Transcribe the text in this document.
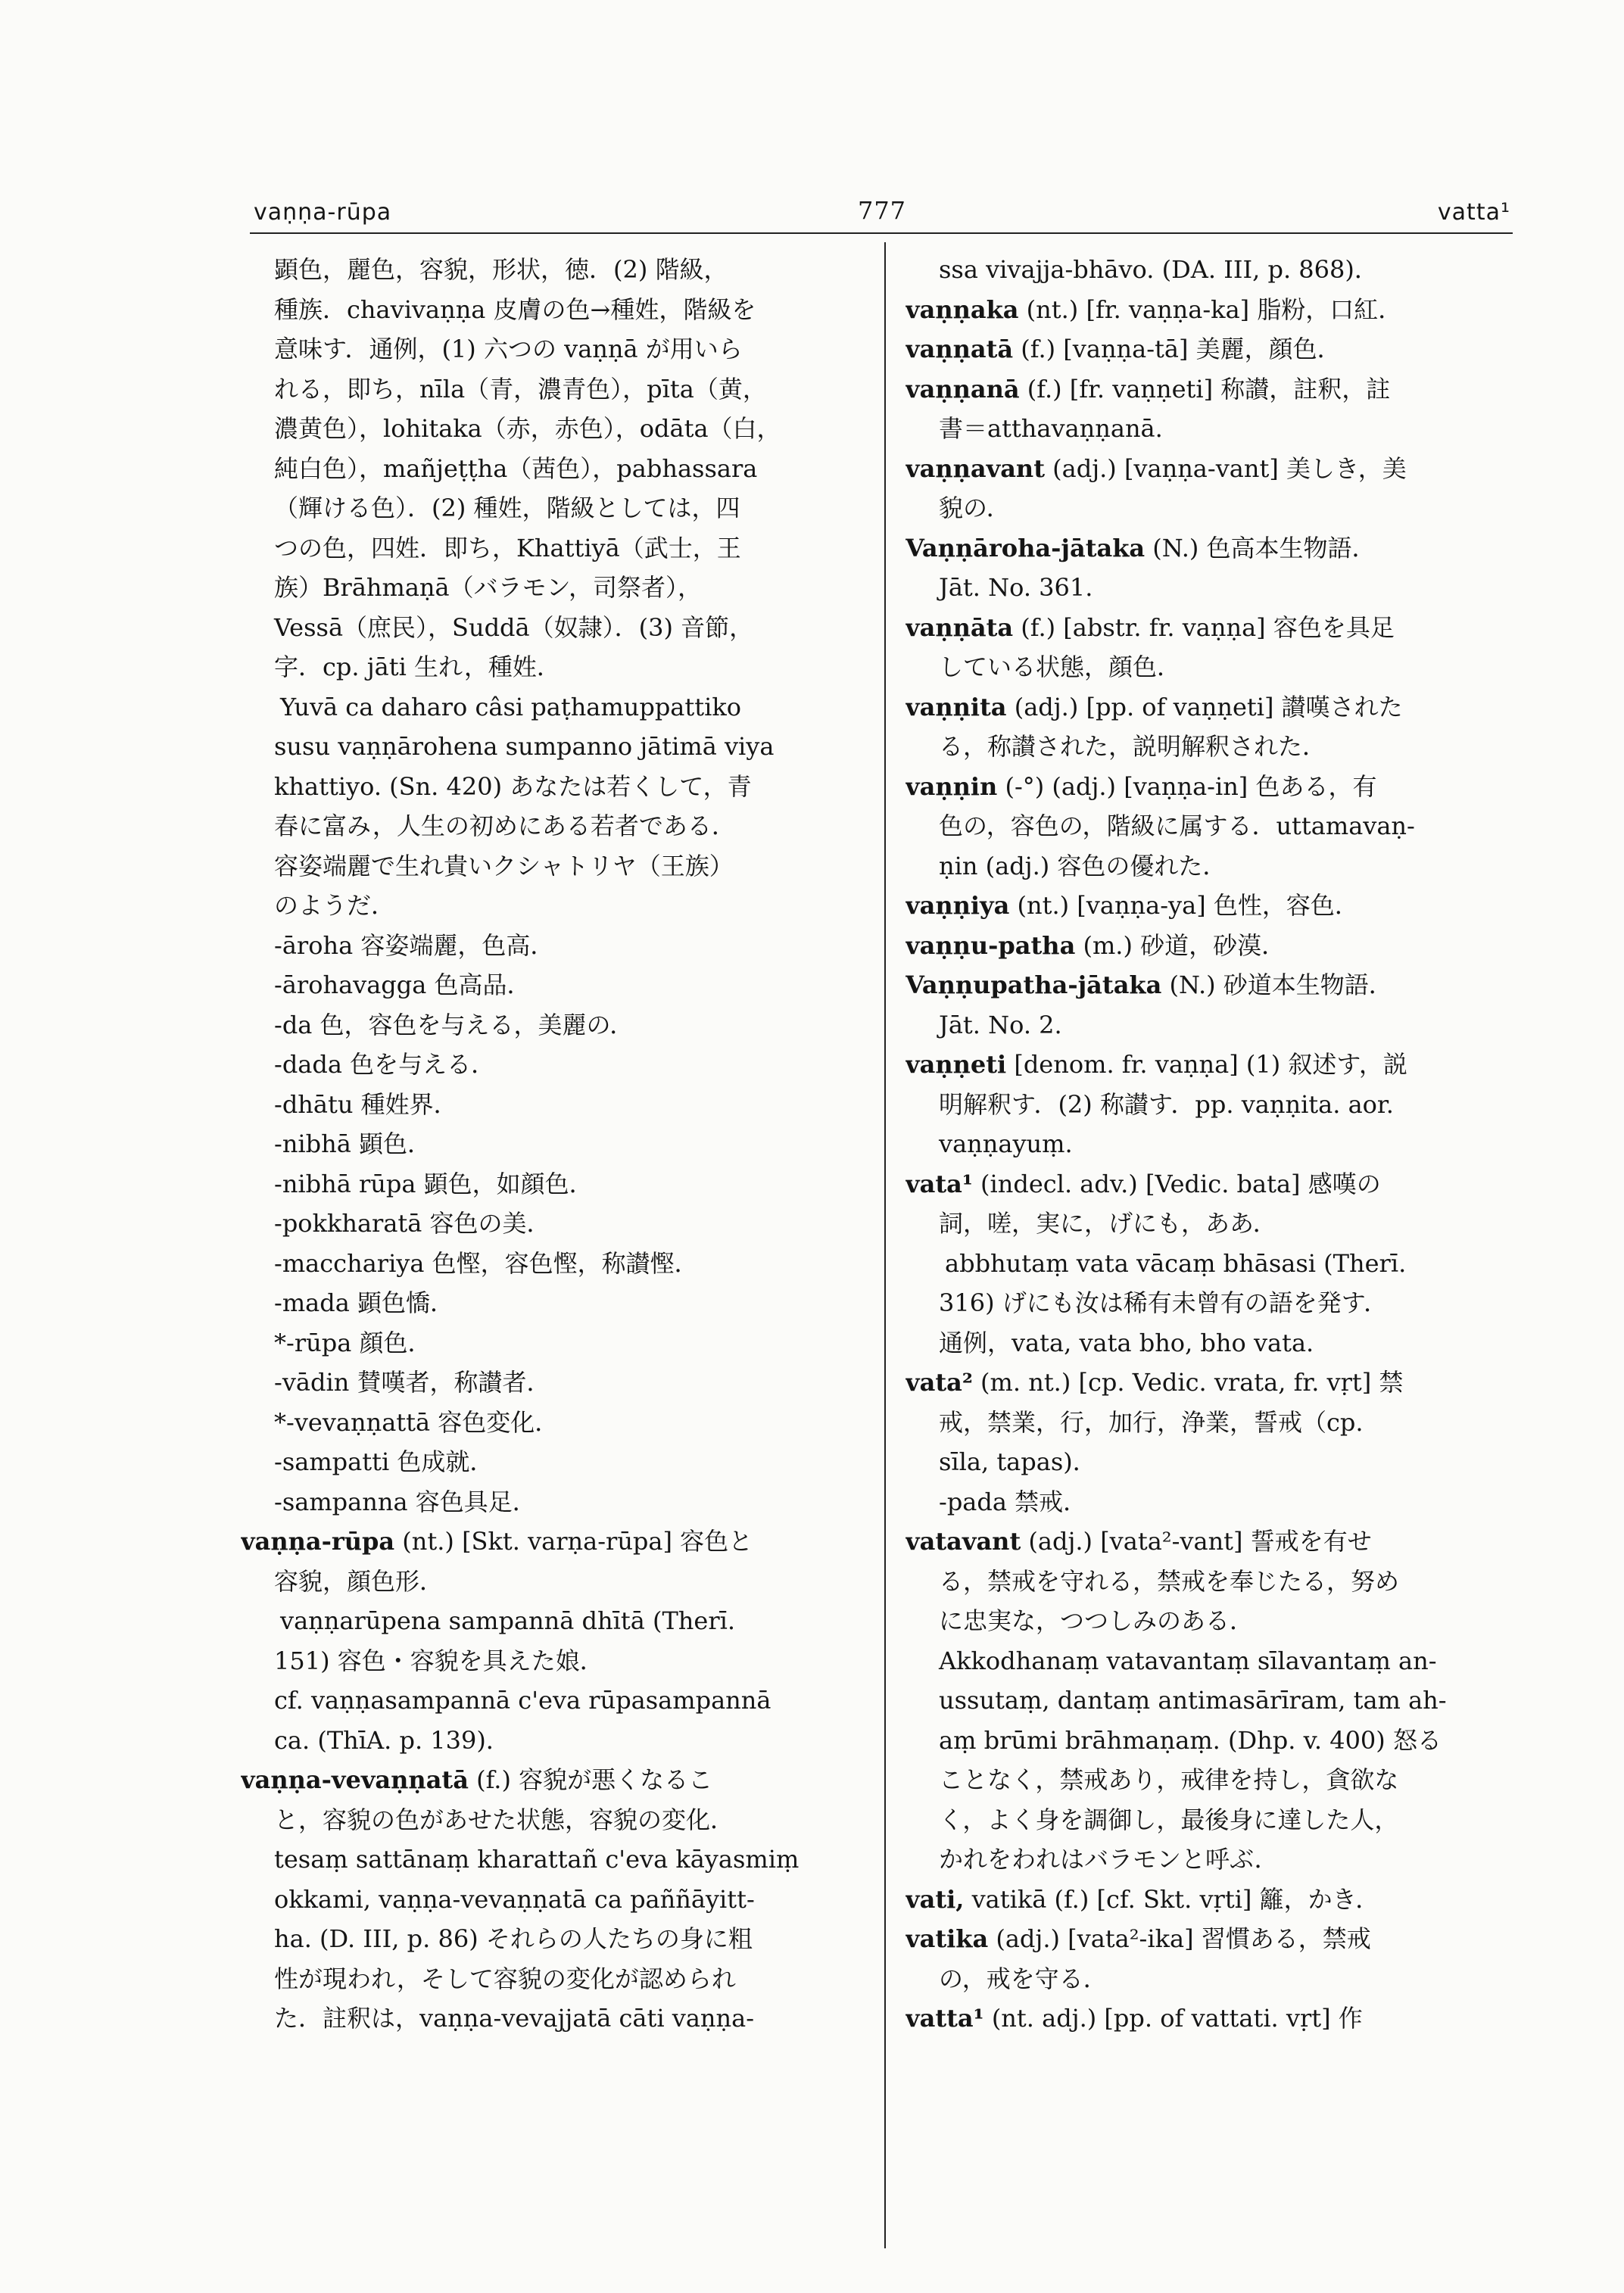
vaṇṇa-rūpa	777	vatta¹
顕色，麗色，容貌，形状，徳．(2) 階級，
種族．chavivaṇṇa 皮膚の色→種姓，階級を
意味す．通例，(1) 六つの vaṇṇā が用いら
れる，即ち，nīla（青，濃青色），pīta（黄，
濃黄色），lohitaka（赤，赤色），odāta（白，
純白色），mañjeṭṭha（茜色），pabhassara
（輝ける色）．(2) 種姓，階級としては，四
つの色，四姓．即ち，Khattiyā（武士，王
族）Brāhmaṇā（バラモン，司祭者），
Vessā（庶民），Suddā（奴隷）．(3) 音節，
字．cp. jāti 生れ，種姓．
Yuvā ca daharo câsi paṭhamuppattiko
susu vaṇṇārohena sumpanno jātimā viya
khattiyo. (Sn. 420) あなたは若くして，青
春に富み，人生の初めにある若者である．
容姿端麗で生れ貴いクシャトリヤ（王族）
のようだ．
-āroha 容姿端麗，色高．
-ārohavagga 色高品．
-da 色，容色を与える，美麗の．
-dada 色を与える．
-dhātu 種姓界．
-nibhā 顕色．
-nibhā rūpa 顕色，如顔色．
-pokkharatā 容色の美．
-macchariya 色慳，容色慳，称讃慳．
-mada 顕色憍．
*-rūpa 顔色．
-vādin 賛嘆者，称讃者．
*-vevaṇṇattā 容色変化．
-sampatti 色成就．
-sampanna 容色具足．
vaṇṇa-rūpa (nt.) [Skt. varṇa-rūpa] 容色と
容貌，顔色形．
vaṇṇarūpena sampannā dhītā (Therī.
151) 容色・容貌を具えた娘．
cf. vaṇṇasampannā c'eva rūpasampannā
ca. (ThīA. p. 139)．
vaṇṇa-vevaṇṇatā (f.) 容貌が悪くなるこ
と，容貌の色があせた状態，容貌の変化．
tesaṃ sattānaṃ kharattañ c'eva kāyasmiṃ
okkami, vaṇṇa-vevaṇṇatā ca paññāyitt-
ha. (D. III, p. 86) それらの人たちの身に粗
性が現われ，そして容貌の変化が認められ
た．註釈は，vaṇṇa-vevajjatā cāti vaṇṇa-
ssa vivajja-bhāvo. (DA. III, p. 868)．
vaṇṇaka (nt.) [fr. vaṇṇa-ka] 脂粉，口紅．
vaṇṇatā (f.) [vaṇṇa-tā] 美麗，顔色．
vaṇṇanā (f.) [fr. vaṇṇeti] 称讃，註釈，註
書＝atthavaṇṇanā.
vaṇṇavant (adj.) [vaṇṇa-vant] 美しき，美
貌の．
Vaṇṇāroha-jātaka (N.) 色高本生物語．
Jāt. No. 361.
vaṇṇāta (f.) [abstr. fr. vaṇṇa] 容色を具足
している状態，顔色．
vaṇṇita (adj.) [pp. of vaṇṇeti] 讃嘆された
る，称讃された，説明解釈された．
vaṇṇin (-°) (adj.) [vaṇṇa-in] 色ある，有
色の，容色の，階級に属する．uttamavaṇ-
ṇin (adj.) 容色の優れた．
vaṇṇiya (nt.) [vaṇṇa-ya] 色性，容色．
vaṇṇu-patha (m.) 砂道，砂漠．
Vaṇṇupatha-jātaka (N.) 砂道本生物語．
Jāt. No. 2.
vaṇṇeti [denom. fr. vaṇṇa] (1) 叙述す，説
明解釈す．(2) 称讃す．pp. vaṇṇita. aor.
vaṇṇayuṃ.
vata¹ (indecl. adv.) [Vedic. bata] 感嘆の
詞，嗟，実に，げにも，ああ．
abbhutaṃ vata vācaṃ bhāsasi (Therī.
316) げにも汝は稀有未曾有の語を発す．
通例，vata, vata bho, bho vata.
vata² (m. nt.) [cp. Vedic. vrata, fr. vṛt] 禁
戒，禁業，行，加行，浄業，誓戒（cp.
sīla, tapas)．
-pada 禁戒．
vatavant (adj.) [vata²-vant] 誓戒を有せ
る，禁戒を守れる，禁戒を奉じたる，努め
に忠実な，つつしみのある．
Akkodhanaṃ vatavantaṃ sīlavantaṃ an-
ussutaṃ, dantaṃ antimasārīram, tam ah-
aṃ brūmi brāhmaṇaṃ. (Dhp. v. 400) 怒る
ことなく，禁戒あり，戒律を持し，貪欲な
く，よく身を調御し，最後身に達した人，
かれをわれはバラモンと呼ぶ．
vati, vatikā (f.) [cf. Skt. vṛti] 籬，かき．
vatika (adj.) [vata²-ika] 習慣ある，禁戒
の，戒を守る．
vatta¹ (nt. adj.) [pp. of vattati. vṛt] 作
